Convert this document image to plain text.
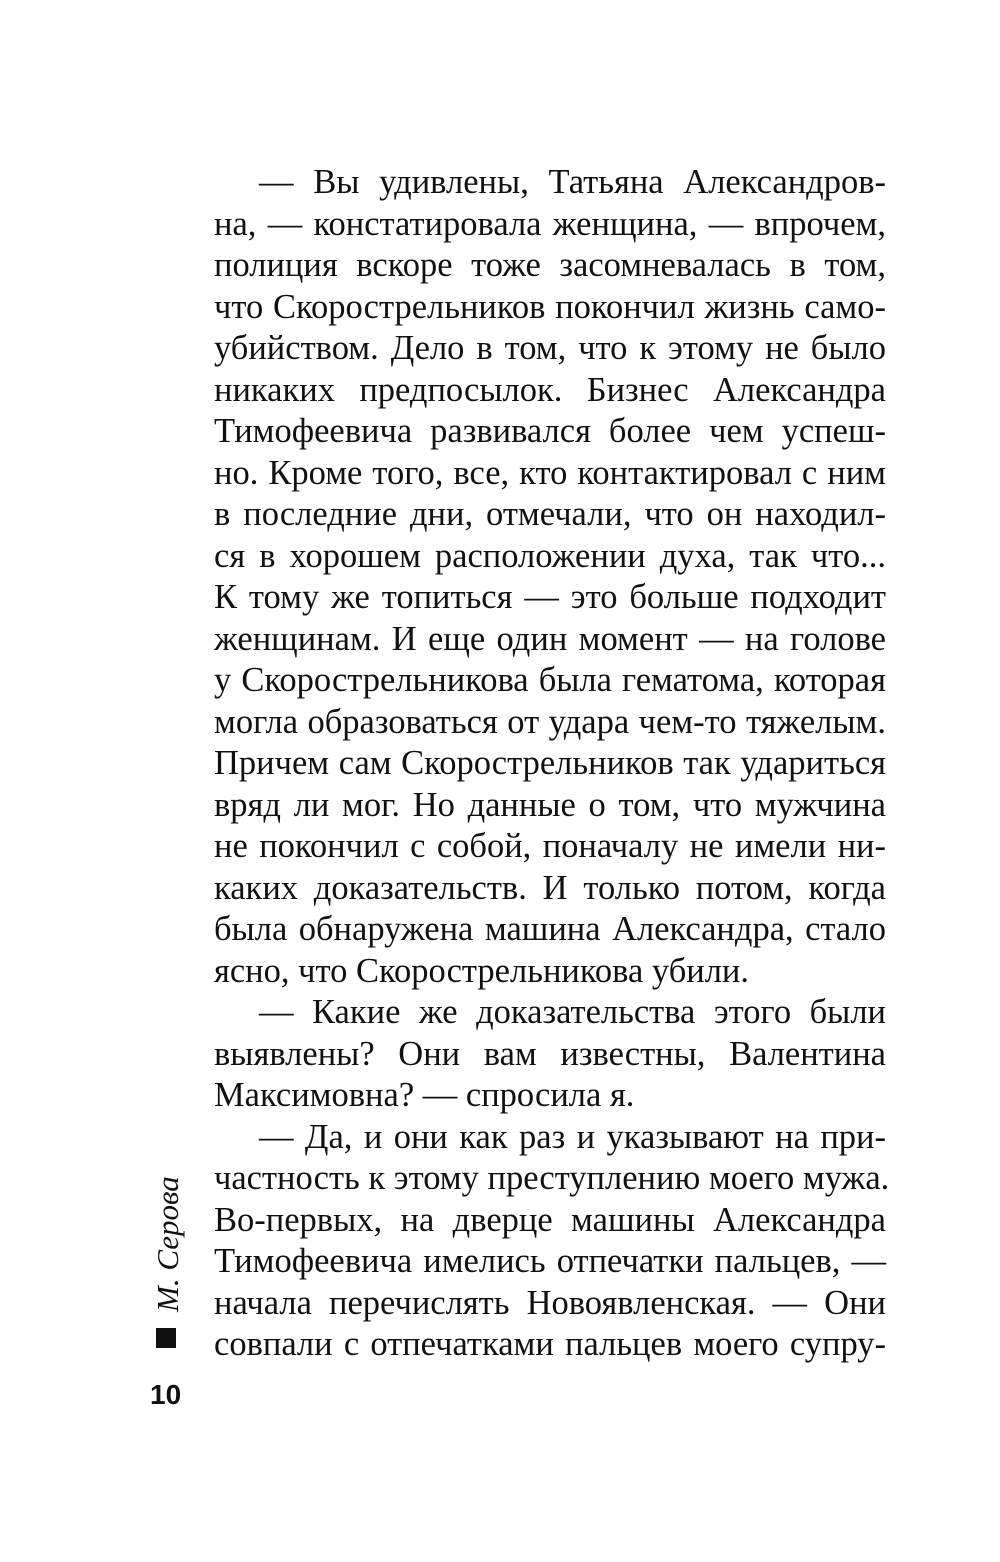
— Вы удивлены, Татьяна Александров-
на, — констатировала женщина, — впрочем,
полиция вскоре тоже засомневалась в том,
что Скорострельников покончил жизнь само-
убийством. Дело в том, что к этому не было
никаких предпосылок. Бизнес Александра
Тимофеевича развивался более чем успеш-
но. Кроме того, все, кто контактировал с ним
в последние дни, отмечали, что он находил-
ся в хорошем расположении духа, так что...
К тому же топиться — это больше подходит
женщинам. И еще один момент — на голове
у Скорострельникова была гематома, которая
могла образоваться от удара чем-то тяжелым.
Причем сам Скорострельников так удариться
вряд ли мог. Но данные о том, что мужчина
не покончил с собой, поначалу не имели ни-
каких доказательств. И только потом, когда
была обнаружена машина Александра, стало
ясно, что Скорострельникова убили.
— Какие же доказательства этого были
выявлены? Они вам известны, Валентина
Максимовна? — спросила я.
— Да, и они как раз и указывают на при-
частность к этому преступлению моего мужа.
Во-первых, на дверце машины Александра
Тимофеевича имелись отпечатки пальцев, —
начала перечислять Новоявленская. — Они
совпали с отпечатками пальцев моего супру-
М. Серова
10
